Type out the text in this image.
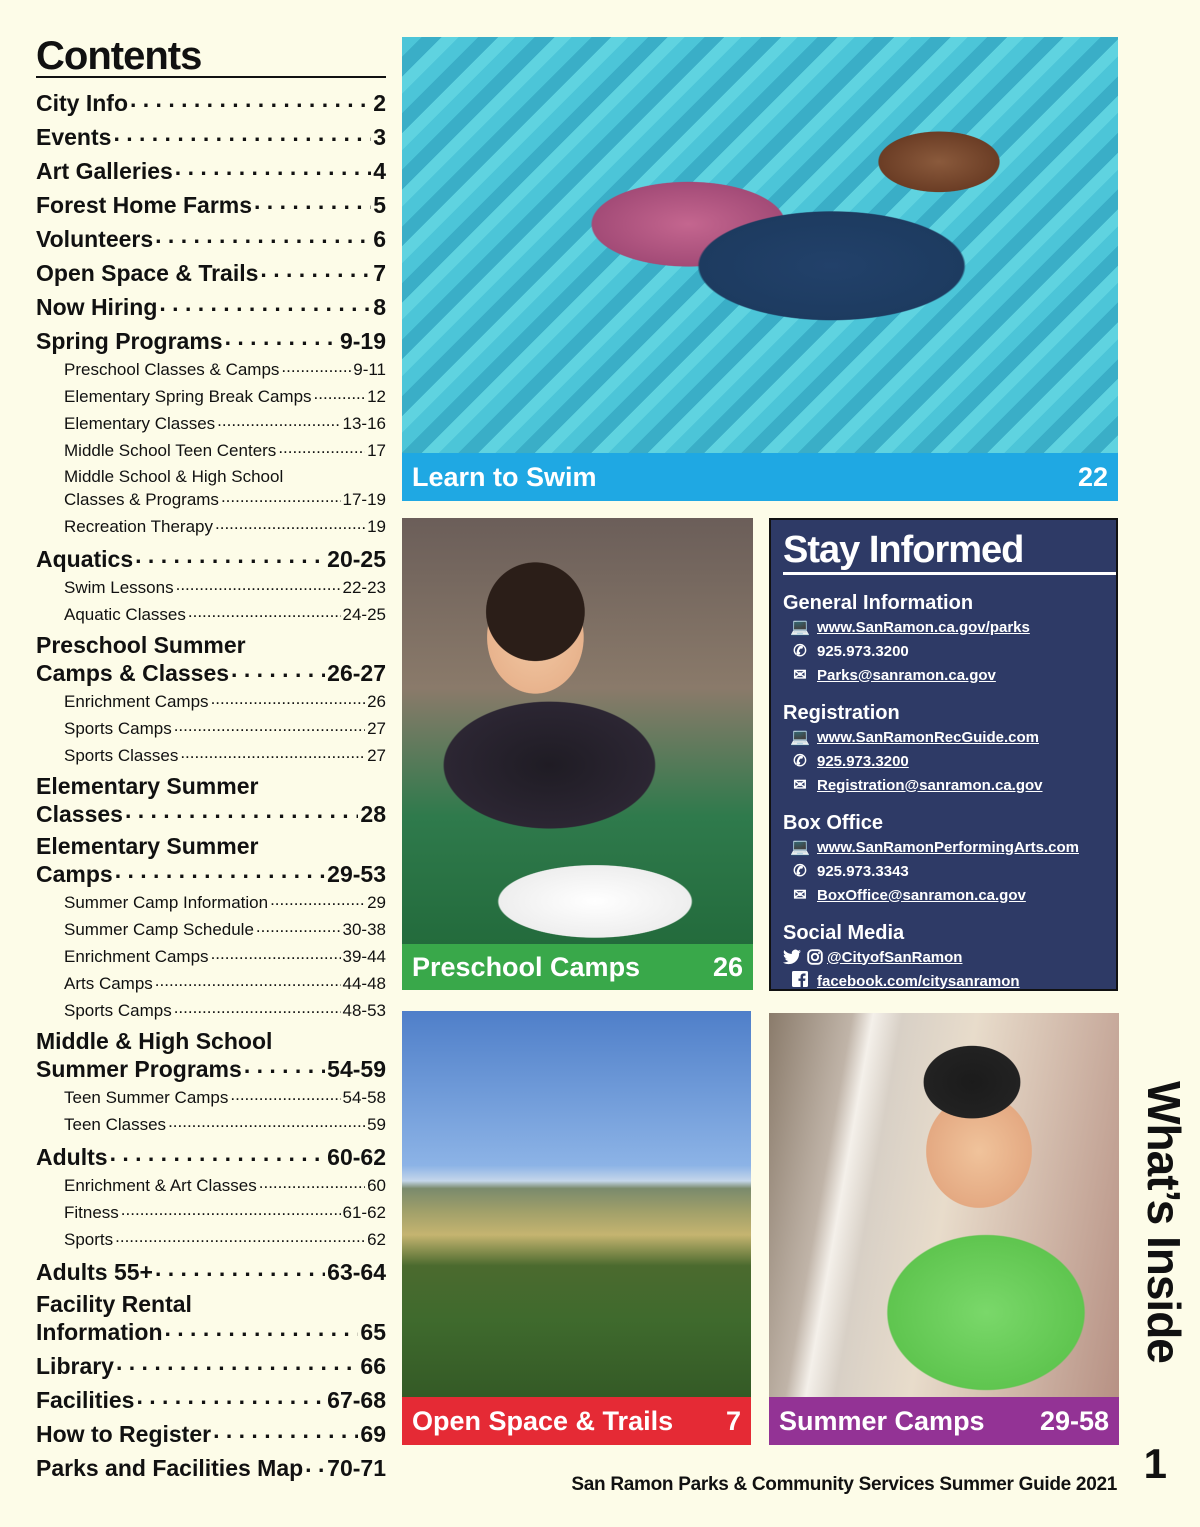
Contents
City Info . . .	2
Events . . .	3
Art Galleries . . .	4
Forest Home Farms . . .	5
Volunteers . . .	6
Open Space & Trails . . .	7
Now Hiring . . .	8
Spring Programs . . .	9-19
Preschool Classes & Camps .....	9-11
Elementary Spring Break Camps .....	12
Elementary Classes .....	13-16
Middle School Teen Centers .....	17
Middle School & High School
Classes & Programs .....	17-19
Recreation Therapy .....	19
Aquatics . . .	20-25
Swim Lessons .....	22-23
Aquatic Classes .....	24-25
Preschool Summer
Camps & Classes . . .	26-27
Enrichment Camps .....	26
Sports Camps .....	27
Sports Classes .....	27
Elementary Summer
Classes . . .	28
Elementary Summer
Camps . . .	29-53
Summer Camp Information .....	29
Summer Camp Schedule .....	30-38
Enrichment Camps .....	39-44
Arts Camps .....	44-48
Sports Camps .....	48-53
Middle & High School
Summer Programs . . .	54-59
Teen Summer Camps .....	54-58
Teen Classes .....	59
Adults . . .	60-62
Enrichment & Art Classes .....	60
Fitness .....	61-62
Sports .....	62
Adults 55+ . . .	63-64
Facility Rental
Information . . .	65
Library . . .	66
Facilities . . .	67-68
How to Register . . .	69
Parks and Facilities Map . . . 70-71
Learn to Swim	22
Preschool Camps	26
Open Space & Trails 7 Summer Camps 29-58
Stay Informed
General Information
💻 www.SanRamon.ca.gov/parks
✆ 925.973.3200
✉ Parks@sanramon.ca.gov
Registration
💻 www.SanRamonRecGuide.com
✆ 925.973.3200
✉ Registration@sanramon.ca.gov
Box Office
💻 www.SanRamonPerformingArts.com
✆ 925.973.3343
✉ BoxOffice@sanramon.ca.gov
Social Media
@CityofSanRamon
facebook.com/citysanramon
What’s Inside
1
San Ramon Parks & Community Services Summer Guide 2021
